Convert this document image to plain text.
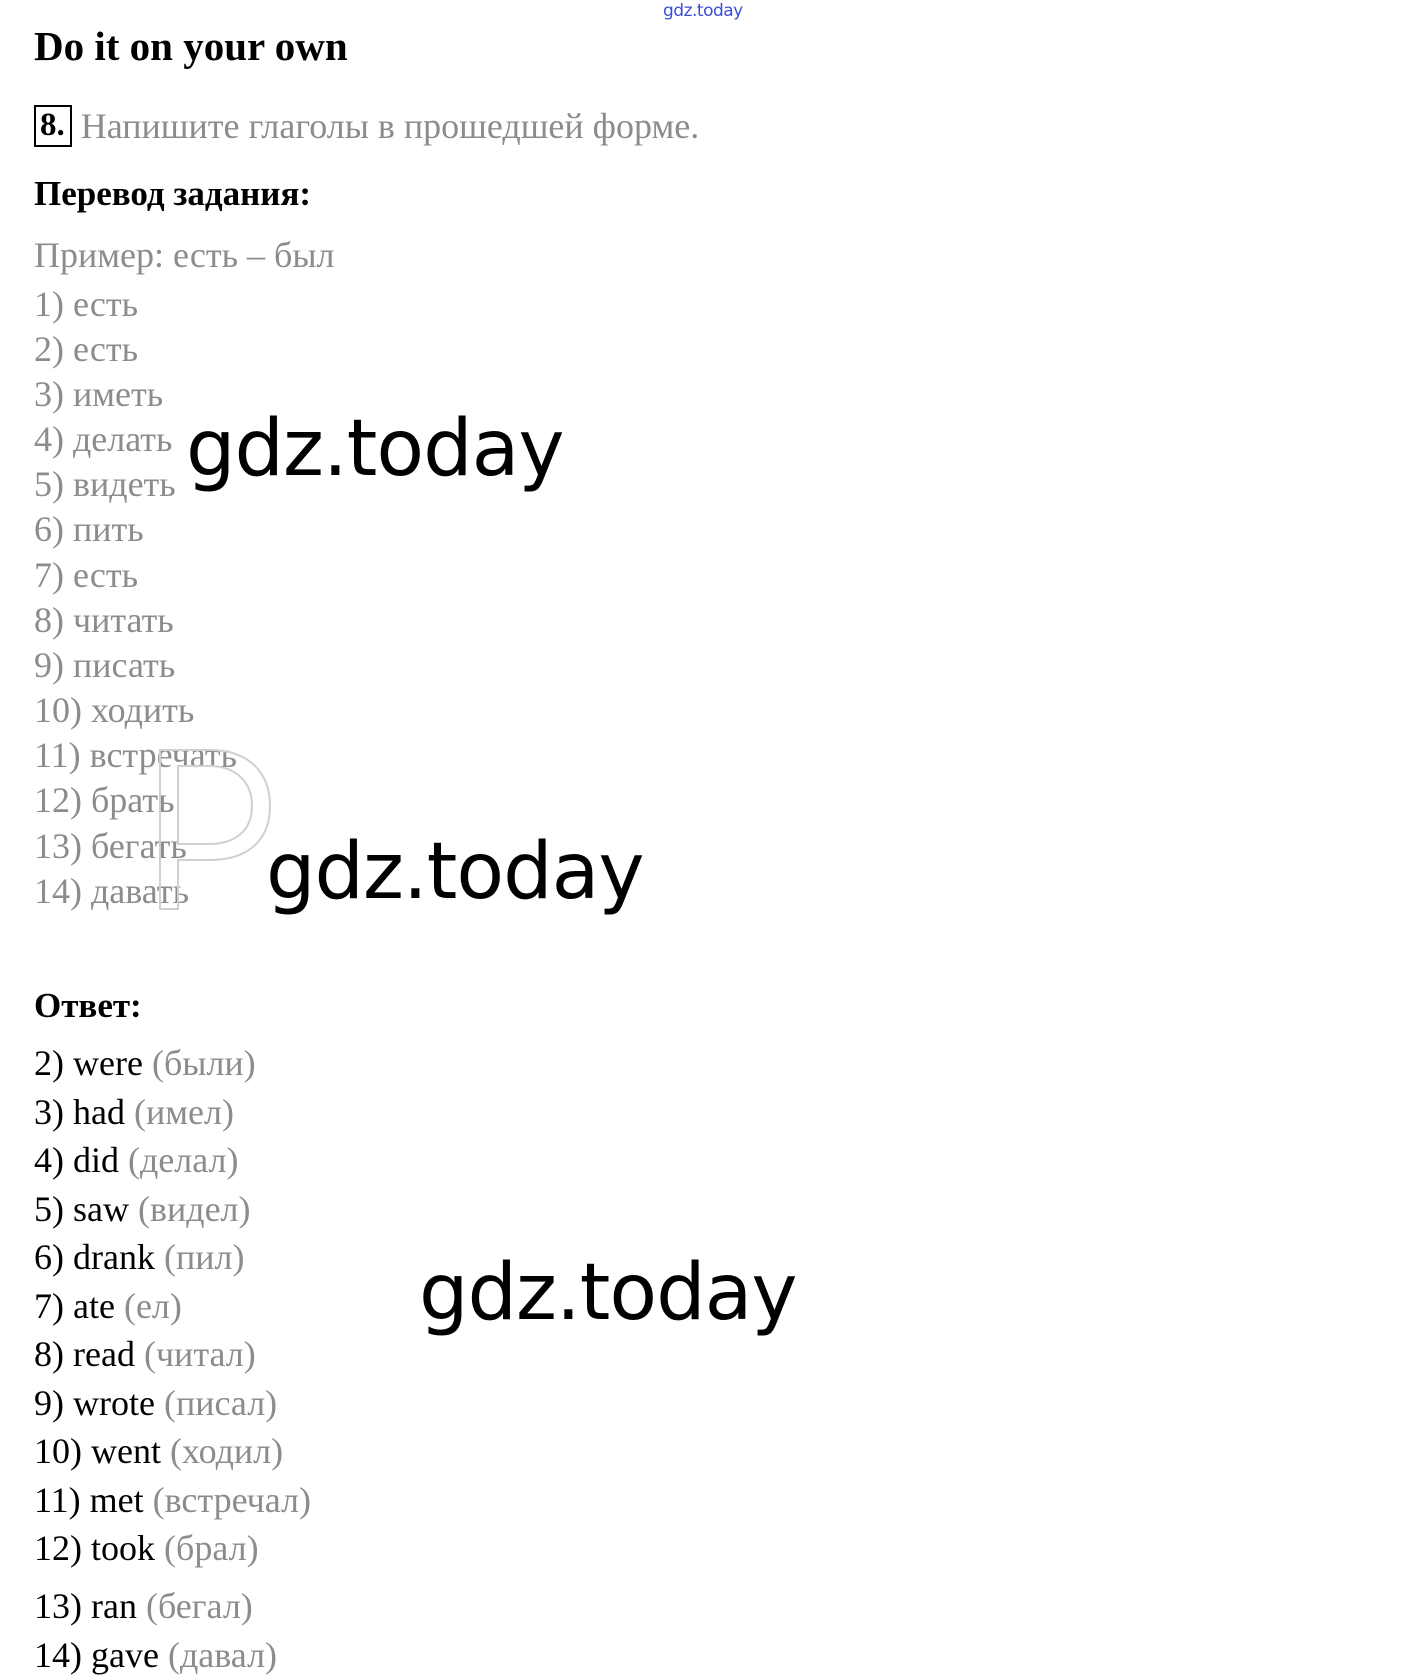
gdz.today
Do it on your own
8. Напишите глаголы в прошедшей форме.
Перевод задания:
Пример: есть – был
1) есть
2) есть
3) иметь
4) делать
5) видеть
6) пить
7) есть
8) читать
9) писать
10) ходить
11) встречать
12) брать
13) бегать
14) давать
Ответ:
2) were (были)
3) had (имел)
4) did (делал)
5) saw (видел)
6) drank (пил)
7) ate (ел)
8) read (читал)
9) wrote (писал)
10) went (ходил)
11) met (встречал)
12) took (брал)
13) ran (бегал)
14) gave (давал)
gdz.today
gdz.today
gdz.today
